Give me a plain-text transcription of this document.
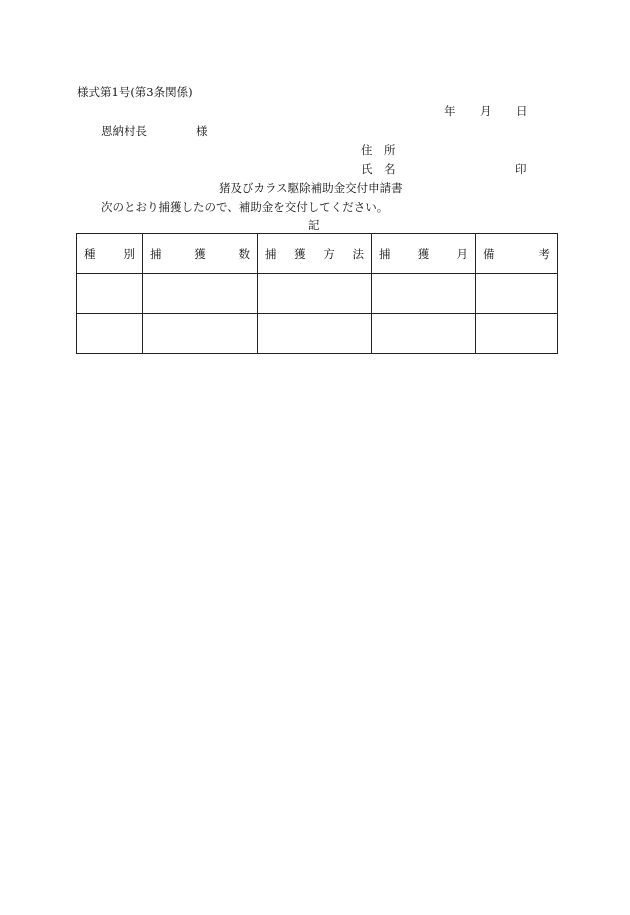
様式第1号(第3条関係)
年 月 日
恩納村長	様
住 所
氏 名	印
猪及びカラス駆除補助金交付申請書
次のとおり捕獲したので、補助金を交付してください。
記
種 別	捕 獲 数	捕 獲 方 法	捕 獲 月	備 考
